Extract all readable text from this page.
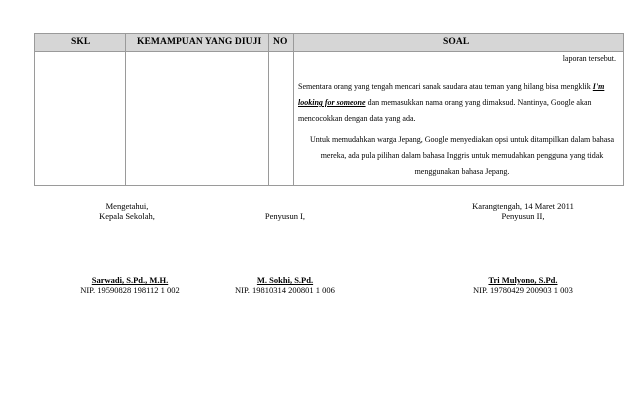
SKL	KEMAMPUAN YANG DIUJI NO	SOAL
laporan tersebut.
Sementara orang yang tengah mencari sanak saudara atau teman yang hilang bisa mengklik I'm looking for someone dan memasukkan nama orang yang dimaksud. Nantinya, Google akan mencocokkan dengan data yang ada.
Untuk memudahkan warga Jepang, Google menyediakan opsi untuk ditampilkan dalam bahasa mereka, ada pula pilihan dalam bahasa Inggris untuk memudahkan pengguna yang tidak menggunakan bahasa Jepang.
Mengetahui,
Kepala Sekolah,
Sarwadi, S.Pd., M.H.
NIP. 19590828 198112 1 002
Penyusun I,
M. Sokhi, S.Pd.
NIP. 19810314 200801 1 006
Karangtengah, 14 Maret 2011
Penyusun II,
Tri Mulyono, S.Pd.
NIP. 19780429 200903 1 003
